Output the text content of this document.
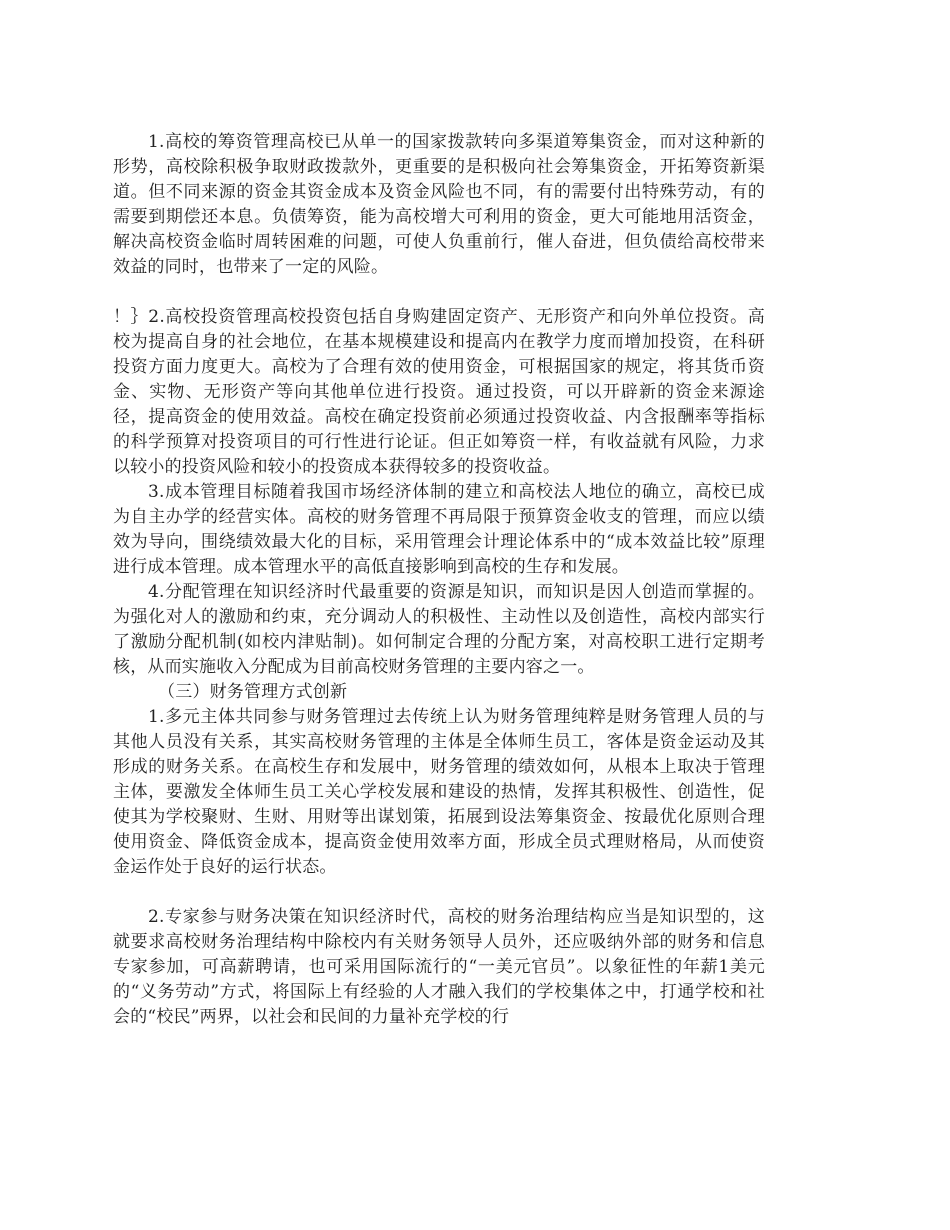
1.高校的筹资管理高校已从单一的国家拨款转向多渠道筹集资金，而对这种新的形势，高校除积极争取财政拨款外，更重要的是积极向社会筹集资金，开拓筹资新渠道。但不同来源的资金其资金成本及资金风险也不同，有的需要付出特殊劳动，有的需要到期偿还本息。负债筹资，能为高校增大可利用的资金，更大可能地用活资金，解决高校资金临时周转困难的问题，可使人负重前行，催人奋进，但负债给高校带来效益的同时，也带来了一定的风险。

！｝2.高校投资管理高校投资包括自身购建固定资产、无形资产和向外单位投资。高校为提高自身的社会地位，在基本规模建设和提高内在教学力度而增加投资，在科研投资方面力度更大。高校为了合理有效的使用资金，可根据国家的规定，将其货币资金、实物、无形资产等向其他单位进行投资。通过投资，可以开辟新的资金来源途径，提高资金的使用效益。高校在确定投资前必须通过投资收益、内含报酬率等指标的科学预算对投资项目的可行性进行论证。但正如筹资一样，有收益就有风险，力求以较小的投资风险和较小的投资成本获得较多的投资收益。

3.成本管理目标随着我国市场经济体制的建立和高校法人地位的确立，高校已成为自主办学的经营实体。高校的财务管理不再局限于预算资金收支的管理，而应以绩效为导向，围绕绩效最大化的目标，采用管理会计理论体系中的“成本效益比较”原理进行成本管理。成本管理水平的高低直接影响到高校的生存和发展。

4.分配管理在知识经济时代最重要的资源是知识，而知识是因人创造而掌握的。为强化对人的激励和约束，充分调动人的积极性、主动性以及创造性，高校内部实行了激励分配机制(如校内津贴制)。如何制定合理的分配方案，对高校职工进行定期考核，从而实施收入分配成为目前高校财务管理的主要内容之一。

（三）财务管理方式创新

1.多元主体共同参与财务管理过去传统上认为财务管理纯粹是财务管理人员的与其他人员没有关系，其实高校财务管理的主体是全体师生员工，客体是资金运动及其形成的财务关系。在高校生存和发展中，财务管理的绩效如何，从根本上取决于管理主体，要激发全体师生员工关心学校发展和建设的热情，发挥其积极性、创造性，促使其为学校聚财、生财、用财等出谋划策，拓展到设法筹集资金、按最优化原则合理使用资金、降低资金成本，提高资金使用效率方面，形成全员式理财格局，从而使资金运作处于良好的运行状态。

2.专家参与财务决策在知识经济时代，高校的财务治理结构应当是知识型的，这就要求高校财务治理结构中除校内有关财务领导人员外，还应吸纳外部的财务和信息专家参加，可高薪聘请，也可采用国际流行的“一美元官员”。以象征性的年薪1美元的“义务劳动”方式，将国际上有经验的人才融入我们的学校集体之中，打通学校和社会的“校民”两界，以社会和民间的力量补充学校的行
